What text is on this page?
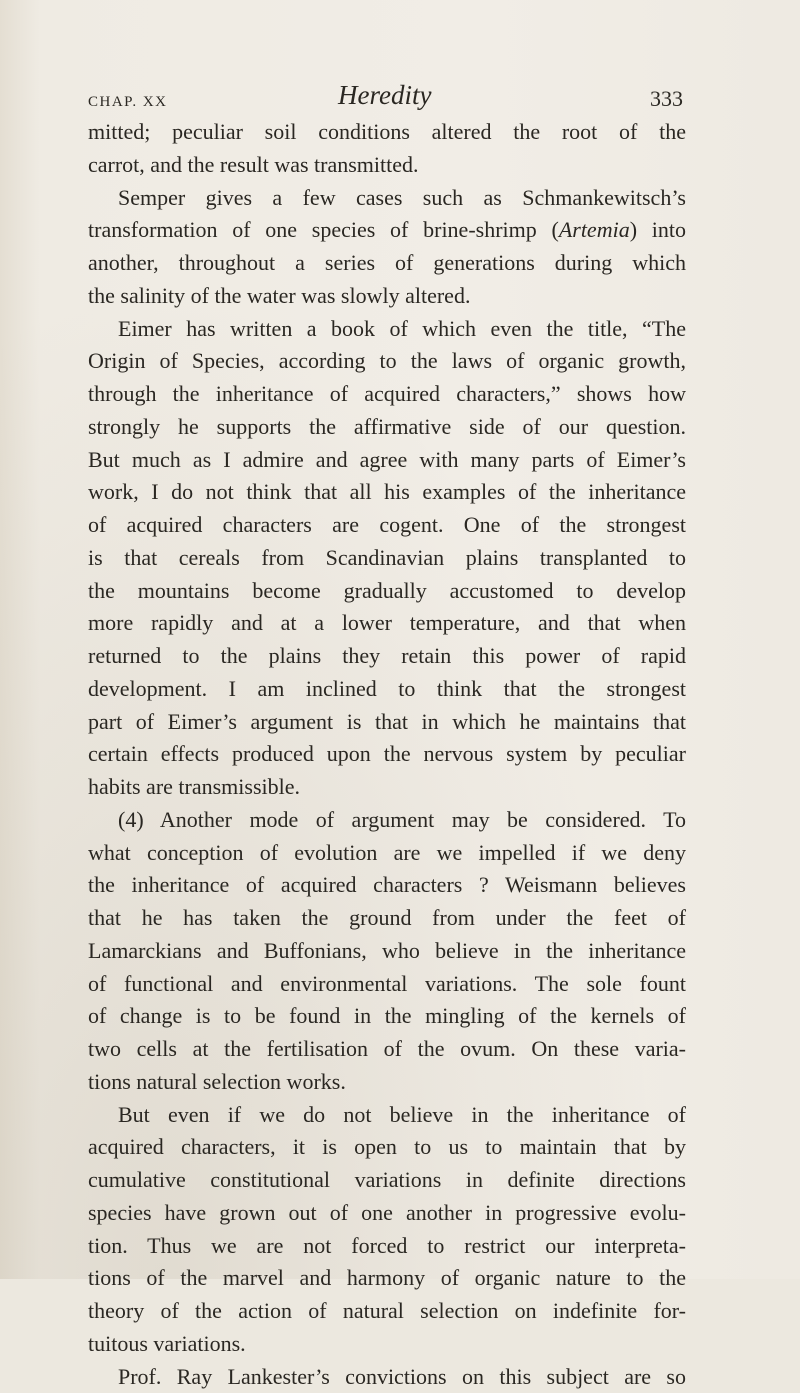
CHAP. XX	Heredity	333
mitted; peculiar soil conditions altered the root of the
carrot, and the result was transmitted.
Semper gives a few cases such as Schmankewitsch’s
transformation of one species of brine-shrimp (Artemia) into
another, throughout a series of generations during which
the salinity of the water was slowly altered.
Eimer has written a book of which even the title, “The
Origin of Species, according to the laws of organic growth,
through the inheritance of acquired characters,” shows how
strongly he supports the affirmative side of our question.
But much as I admire and agree with many parts of Eimer’s
work, I do not think that all his examples of the inheritance
of acquired characters are cogent. One of the strongest
is that cereals from Scandinavian plains transplanted to
the mountains become gradually accustomed to develop
more rapidly and at a lower temperature, and that when
returned to the plains they retain this power of rapid
development. I am inclined to think that the strongest
part of Eimer’s argument is that in which he maintains that
certain effects produced upon the nervous system by peculiar
habits are transmissible.
(4) Another mode of argument may be considered. To
what conception of evolution are we impelled if we deny
the inheritance of acquired characters ? Weismann believes
that he has taken the ground from under the feet of
Lamarckians and Buffonians, who believe in the inheritance
of functional and environmental variations. The sole fount
of change is to be found in the mingling of the kernels of
two cells at the fertilisation of the ovum. On these varia-
tions natural selection works.
But even if we do not believe in the inheritance of
acquired characters, it is open to us to maintain that by
cumulative constitutional variations in definite directions
species have grown out of one another in progressive evolu-
tion. Thus we are not forced to restrict our interpreta-
tions of the marvel and harmony of organic nature to the
theory of the action of natural selection on indefinite for-
tuitous variations.
Prof. Ray Lankester’s convictions on this subject are so
